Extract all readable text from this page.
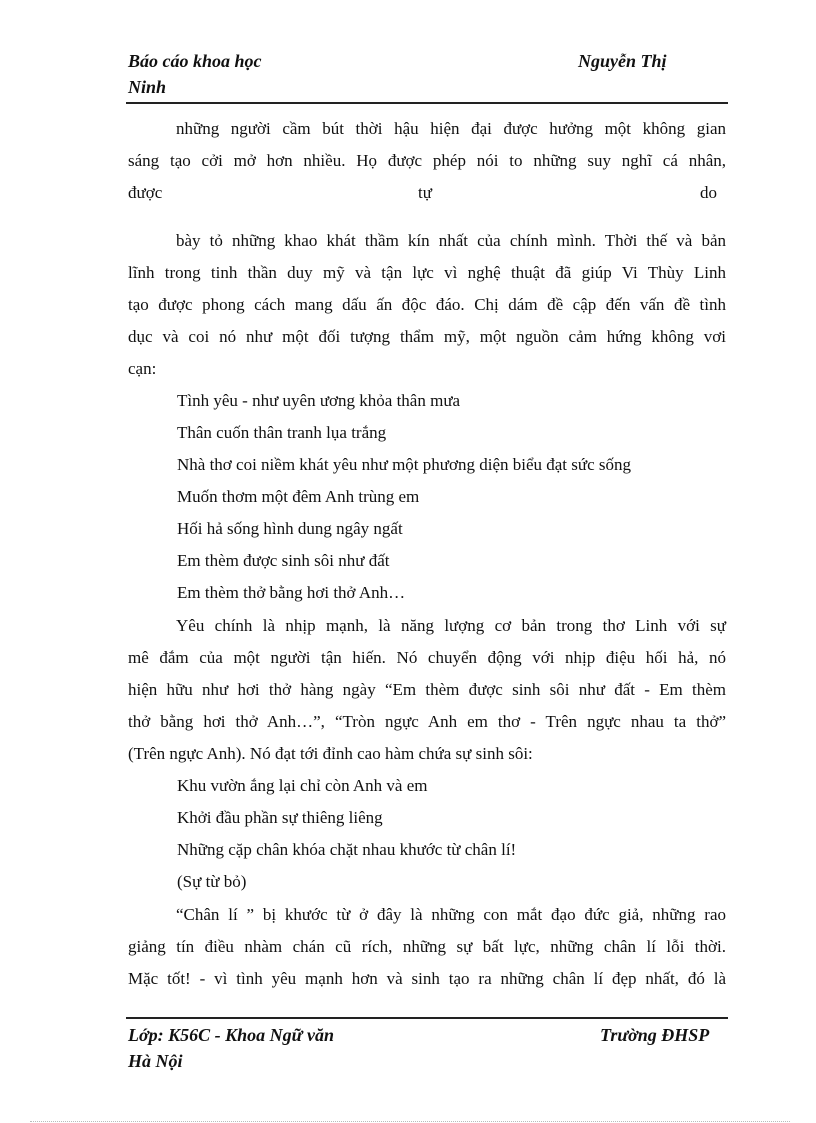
Báo cáo khoa học
Ninh
Nguyễn Thị

những người cầm bút thời hậu hiện đại được hưởng một không gian

sáng tạo cởi mở hơn nhiều. Họ được phép nói to những suy nghĩ cá nhân,

được	tự	do

bày tỏ những khao khát thầm kín nhất của chính mình. Thời thế và bản

lĩnh trong tinh thần duy mỹ và tận lực vì nghệ thuật đã giúp Vi Thùy Linh

tạo được phong cách mang dấu ấn độc đáo. Chị dám đề cập đến vấn đề tình

dục và coi nó như một đối tượng thẩm mỹ, một nguồn cảm hứng không vơi

cạn:

Tình yêu - như uyên ương khỏa thân mưa

Thân cuốn thân tranh lụa trắng

Nhà thơ coi niềm khát yêu như một phương diện biểu đạt sức sống

Muốn thơm một đêm Anh trùng em

Hối hả sống hình dung ngây ngất

Em thèm được sinh sôi như đất

Em thèm thở bằng hơi thở Anh…

Yêu chính là nhịp mạnh, là năng lượng cơ bản trong thơ Linh với sự

mê đắm của một người tận hiến. Nó chuyển động với nhịp điệu hối hả, nó

hiện hữu như hơi thở hàng ngày “Em thèm được sinh sôi như đất - Em thèm

thở bằng hơi thở Anh…”, “Tròn ngực Anh em thơ - Trên ngực nhau ta thở”

(Trên ngực Anh). Nó đạt tới đỉnh cao hàm chứa sự sinh sôi:

Khu vườn ắng lại chỉ còn Anh và em

Khởi đầu phần sự thiêng liêng

Những cặp chân khóa chặt nhau khước từ chân lí!

(Sự từ bỏ)

“Chân lí ” bị khước từ ở đây là những con mắt đạo đức giả, những rao

giảng tín điều nhàm chán cũ rích, những sự bất lực, những chân lí lỗi thời.

Mặc tốt! - vì tình yêu mạnh hơn và sinh tạo ra những chân lí đẹp nhất, đó là

Lớp: K56C - Khoa Ngữ văn
Hà Nội
Trường ĐHSP
